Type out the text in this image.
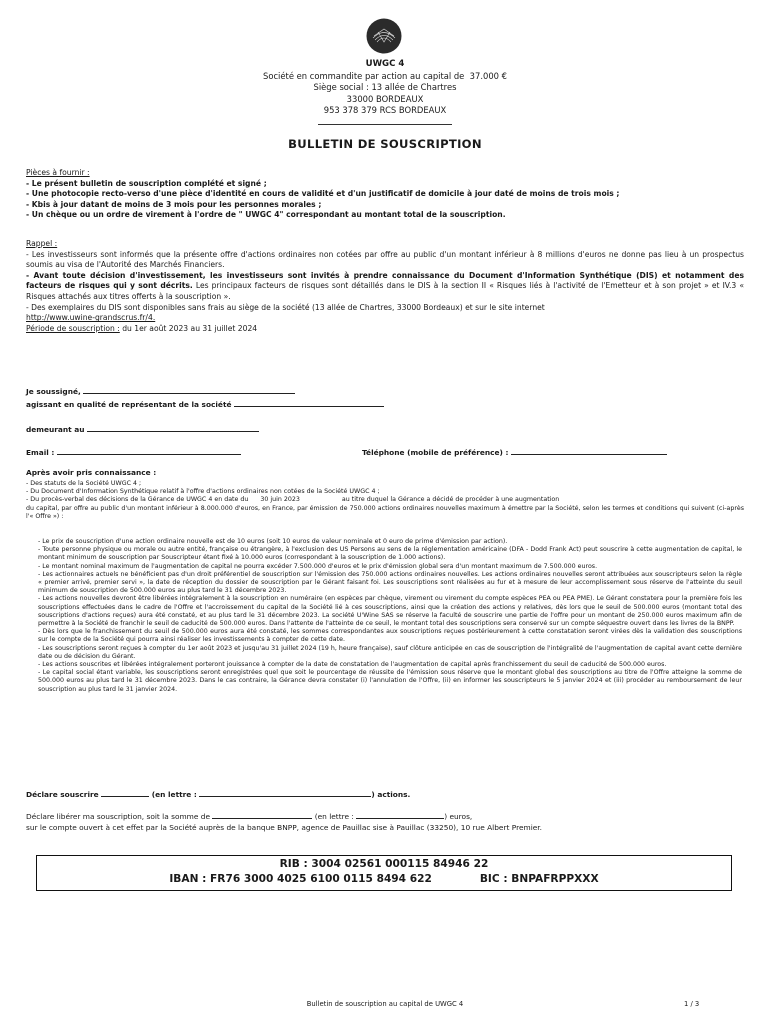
UWGC 4
Société en commandite par action au capital de 37.000 €
Siège social : 13 allée de Chartres
33000 BORDEAUX
953 378 379 RCS BORDEAUX
BULLETIN DE SOUSCRIPTION
Pièces à fournir :
- Le présent bulletin de souscription complété et signé ;
- Une photocopie recto-verso d'une pièce d'identité en cours de validité et d'un justificatif de domicile à jour daté de moins de trois mois ;
- Kbis à jour datant de moins de 3 mois pour les personnes morales ;
- Un chèque ou un ordre de virement à l'ordre de " UWGC 4" correspondant au montant total de la souscription.
Rappel :
- Les investisseurs sont informés que la présente offre d'actions ordinaires non cotées par offre au public d'un montant inférieur à 8 millions d'euros ne donne pas lieu à un prospectus soumis au visa de l'Autorité des Marchés Financiers.
- Avant toute décision d'investissement, les investisseurs sont invités à prendre connaissance du Document d'Information Synthétique (DIS) et notamment des facteurs de risques qui y sont décrits. Les principaux facteurs de risques sont détaillés dans le DIS à la section II « Risques liés à l'activité de l'Emetteur et à son projet » et IV.3 « Risques attachés aux titres offerts à la souscription ».
- Des exemplaires du DIS sont disponibles sans frais au siège de la société (13 allée de Chartres, 33000 Bordeaux) et sur le site internet
http://www.uwine-grandscrus.fr/4.
Période de souscription : du 1er août 2023 au 31 juillet 2024
Je soussigné,
agissant en qualité de représentant de la société
demeurant au
Email :	Téléphone (mobile de préférence) :
Après avoir pris connaissance :
- Des statuts de la Société UWGC 4 ;
- Du Document d'Information Synthétique relatif à l'offre d'actions ordinaires non cotées de la Société UWGC 4 ;
- Du procès-verbal des décisions de la Gérance de UWGC 4 en date du 30 juin 2023	au titre duquel la Gérance a décidé de procéder à une augmentation
du capital, par offre au public d'un montant inférieur à 8.000.000 d'euros, en France, par émission de 750.000 actions ordinaires nouvelles maximum à émettre par la Société, selon les termes et conditions qui suivent (ci-après l'« Offre ») :
- Le prix de souscription d'une action ordinaire nouvelle est de 10 euros (soit 10 euros de valeur nominale et 0 euro de prime d'émission par action).
- Toute personne physique ou morale ou autre entité, française ou étrangère, à l'exclusion des US Persons au sens de la réglementation américaine (DFA - Dodd Frank Act) peut souscrire à cette augmentation de capital, le montant minimum de souscription par Souscripteur étant fixé à 10.000 euros (correspondant à la souscription de 1.000 actions).
- Le montant nominal maximum de l'augmentation de capital ne pourra excéder 7.500.000 d'euros et le prix d'émission global sera d'un montant maximum de 7.500.000 euros.
- Les actionnaires actuels ne bénéficient pas d'un droit préférentiel de souscription sur l'émission des 750.000 actions ordinaires nouvelles. Les actions ordinaires nouvelles seront attribuées aux souscripteurs selon la règle « premier arrivé, premier servi », la date de réception du dossier de souscription par le Gérant faisant foi. Les souscriptions sont réalisées au fur et à mesure de leur accomplissement sous réserve de l'atteinte du seuil minimum de souscription de 500.000 euros au plus tard le 31 décembre 2023.
- Les actions nouvelles devront être libérées intégralement à la souscription en numéraire (en espèces par chèque, virement ou virement du compte espèces PEA ou PEA PME). Le Gérant constatera pour la première fois les souscriptions effectuées dans le cadre de l'Offre et l'accroissement du capital de la Société lié à ces souscriptions, ainsi que la création des actions y relatives, dès lors que le seuil de 500.000 euros (montant total des souscriptions d'actions reçues) aura été constaté, et au plus tard le 31 décembre 2023. La société U'Wine SAS se réserve la faculté de souscrire une partie de l'offre pour un montant de 250.000 euros maximum afin de permettre à la Société de franchir le seuil de caducité de 500.000 euros. Dans l'attente de l'atteinte de ce seuil, le montant total des souscriptions sera conservé sur un compte séquestre ouvert dans les livres de la BNPP.
- Dès lors que le franchissement du seuil de 500.000 euros aura été constaté, les sommes correspondantes aux souscriptions reçues postérieurement à cette constatation seront virées dès la validation des souscriptions sur le compte de la Société qui pourra ainsi réaliser les investissements à compter de cette date.
- Les souscriptions seront reçues à compter du 1er août 2023 et jusqu'au 31 juillet 2024 (19 h, heure française), sauf clôture anticipée en cas de souscription de l'intégralité de l'augmentation de capital avant cette dernière date ou de décision du Gérant.
- Les actions souscrites et libérées intégralement porteront jouissance à compter de la date de constatation de l'augmentation de capital après franchissement du seuil de caducité de 500.000 euros.
- Le capital social étant variable, les souscriptions seront enregistrées quel que soit le pourcentage de réussite de l'émission sous réserve que le montant global des souscriptions au titre de l'Offre atteigne la somme de 500.000 euros au plus tard le 31 décembre 2023. Dans le cas contraire, la Gérance devra constater (i) l'annulation de l'Offre, (ii) en informer les souscripteurs le 5 janvier 2024 et (iii) procéder au remboursement de leur souscription au plus tard le 31 janvier 2024.
Déclare souscrire	(en lettre :	) actions.
Déclare libérer ma souscription, soit la somme de	(en lettre :	) euros,
sur le compte ouvert à cet effet par la Société auprès de la banque BNPP, agence de Pauillac sise à Pauillac (33250), 10 rue Albert Premier.
RIB : 3004 02561 000115 84946 22
IBAN : FR76 3000 4025 6100 0115 8494 622	BIC : BNPAFRPPXXX
Bulletin de souscription au capital de UWGC 4	1 / 3
